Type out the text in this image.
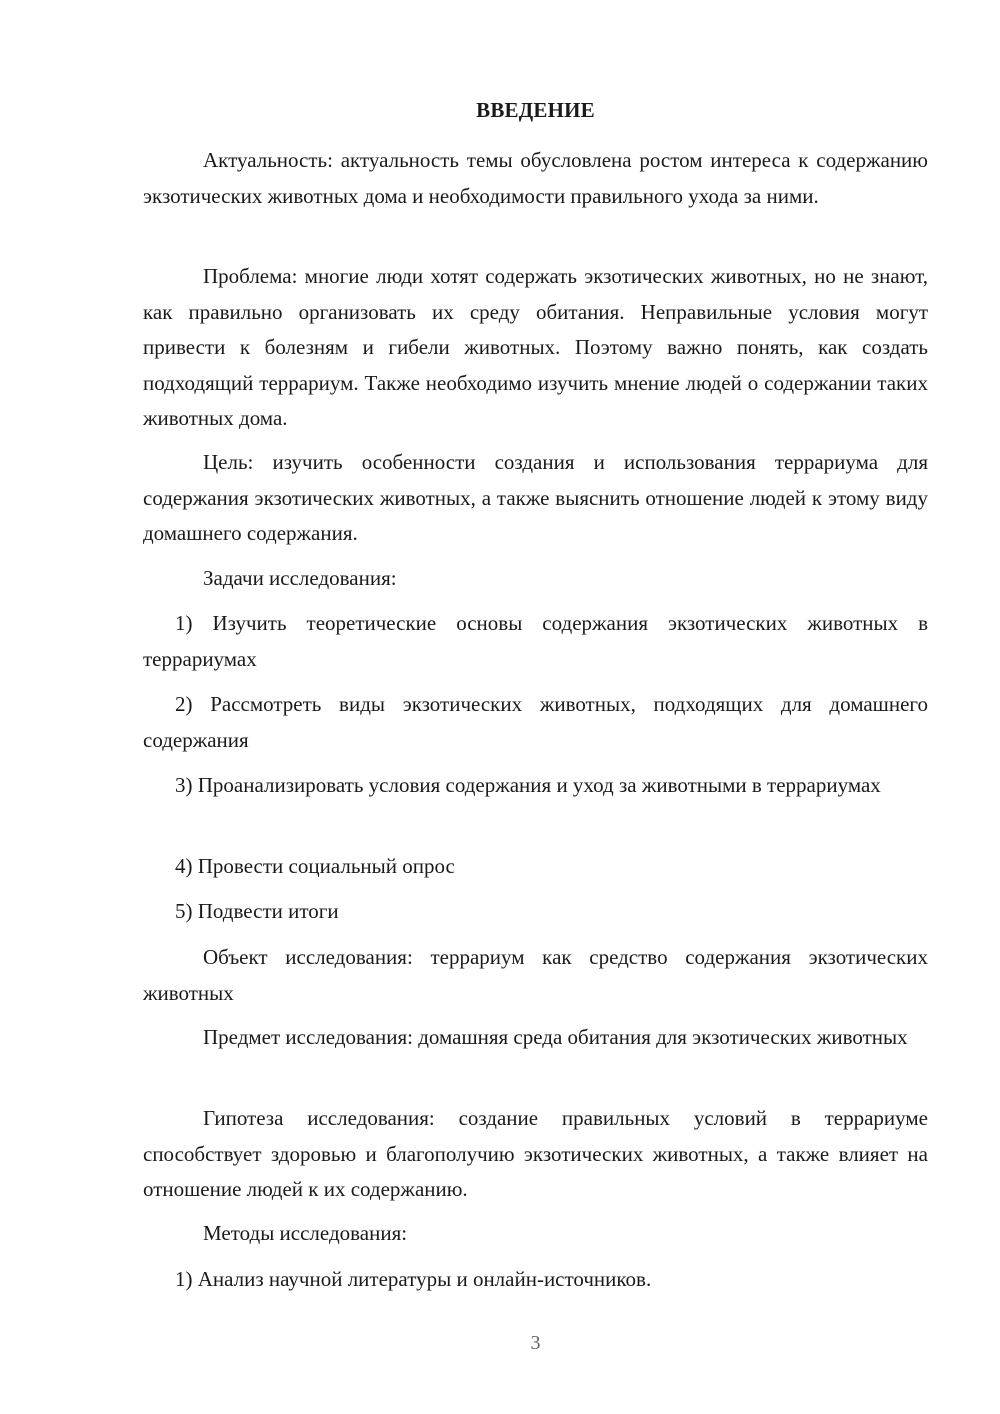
ВВЕДЕНИЕ

Актуальность: актуальность темы обусловлена ростом интереса к содержанию экзотических животных дома и необходимости правильного ухода за ними.

Проблема: многие люди хотят содержать экзотических животных, но не знают, как правильно организовать их среду обитания. Неправильные условия могут привести к болезням и гибели животных. Поэтому важно понять, как создать подходящий террариум. Также необходимо изучить мнение людей о содержании таких животных дома.

Цель: изучить особенности создания и использования террариума для содержания экзотических животных, а также выяснить отношение людей к этому виду домашнего содержания.

Задачи исследования:

1) Изучить теоретические основы содержания экзотических животных в террариумах

2) Рассмотреть виды экзотических животных, подходящих для домашнего содержания

3) Проанализировать условия содержания и уход за животными в террариумах

4) Провести социальный опрос

5) Подвести итоги

Объект исследования: террариум как средство содержания экзотических животных

Предмет исследования: домашняя среда обитания для экзотических животных

Гипотеза исследования: создание правильных условий в террариуме способствует здоровью и благополучию экзотических животных, а также влияет на отношение людей к их содержанию.

Методы исследования:

1) Анализ научной литературы и онлайн-источников.

3
